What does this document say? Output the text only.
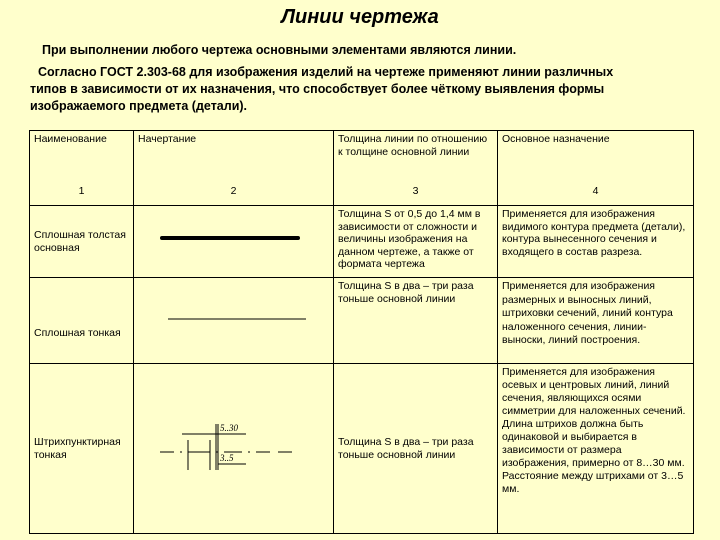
Линии чертежа
При выполнении любого чертежа основными элементами являются линии.
Согласно ГОСТ 2.303-68 для изображения изделий на чертеже применяют линии различных
типов в зависимости от их назначения, что способствует более чёткому выявления формы
изображаемого предмета (детали).
Наименование	Начертание	Толщина линии по отношению к толщине основной линии	Основное назначение
1	2	3	4
Сплошная толстая основная		Толщина S от 0,5 до 1,4 мм в зависимости от сложности и величины изображения на данном чертеже, а также от формата чертежа	Применяется для изображения видимого контура предмета (детали), контура вынесенного сечения и входящего в состав разреза.
Сплошная тонкая		Толщина S в два – три раза тоньше основной линии	Применяется для изображения размерных и выносных линий, штриховки сечений, линий контура наложенного сечения, линии-выноски, линий построения.
Штрихпунктирная тонкая	5..30
3..5	Толщина S в два – три раза тоньше основной линии	Применяется для изображения осевых и центровых линий, линий сечения, являющихся осями симметрии для наложенных сечений. Длина штрихов должна быть одинаковой и выбирается в зависимости от размера изображения, примерно от 8…30 мм. Расстояние между штрихами от 3…5 мм.
